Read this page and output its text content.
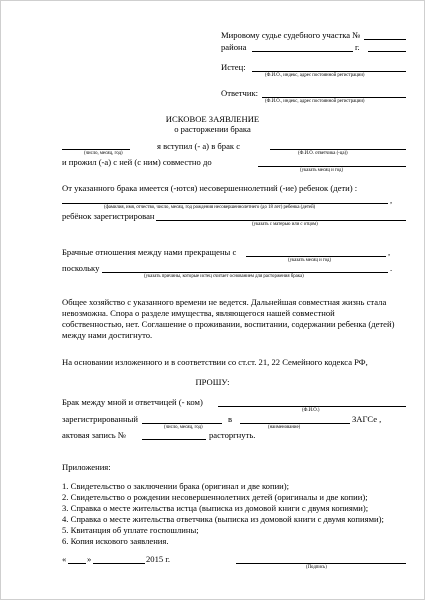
Мировому судье судебного участка №
района	г.
Истец:
(Ф.И.О., индекс, адрес постоянной регистрации)
Ответчик:
(Ф.И.О., индекс, адрес постоянной регистрации)
ИСКОВОЕ ЗАЯВЛЕНИЕ
о расторжении брака
я вступил (- а) в брак с
(число, месяц, год)	(Ф.И.О. ответчика (-ца))
и прожил (-а) с ней (с ним) совместно до
(указать месяц и год)
От указанного брака имеется (-ются) несовершеннолетний (-ие) ребенок (дети) :
,
(фамилия, имя, отчество, число, месяц, год рождения несовершеннолетнего (до 18 лет) ребенка (детей)
ребёнок зарегистрирован
(указать с матерью или с отцом)
Брачные отношения между нами прекращены с	,
(указать месяц и год)
поскольку	.
(указать причины, которые истец считает основанием для расторжения брака)
Общее хозяйство с указанного времени не ведется. Дальнейшая совместная жизнь стала
невозможна. Спора о разделе имущества, являющегося нашей совместной
собственностью, нет. Соглашение о проживании, воспитании, содержании ребенка (детей)
между нами достигнуто.
На основании изложенного и в соответствии со ст.ст. 21, 22 Семейного кодекса РФ,
ПРОШУ:
Брак между мной и ответчицей (- ком)
(Ф.И.О.)
зарегистрированный	в	ЗАГСе ,
(число, месяц, год)	(наименование)
актовая запись №	расторгнуть.
Приложения:
1. Свидетельство о заключении брака (оригинал и две копии);
2. Свидетельство о рождении несовершеннолетних детей (оригиналы и две копии);
3. Справка о месте жительства истца (выписка из домовой книги с двумя копиями);
4. Справка о месте жительства ответчика (выписка из домовой книги с двумя копиями);
5. Квитанция об уплате госпошлины;
6. Копия искового заявления.
« »	2015 г.
(Подпись)
